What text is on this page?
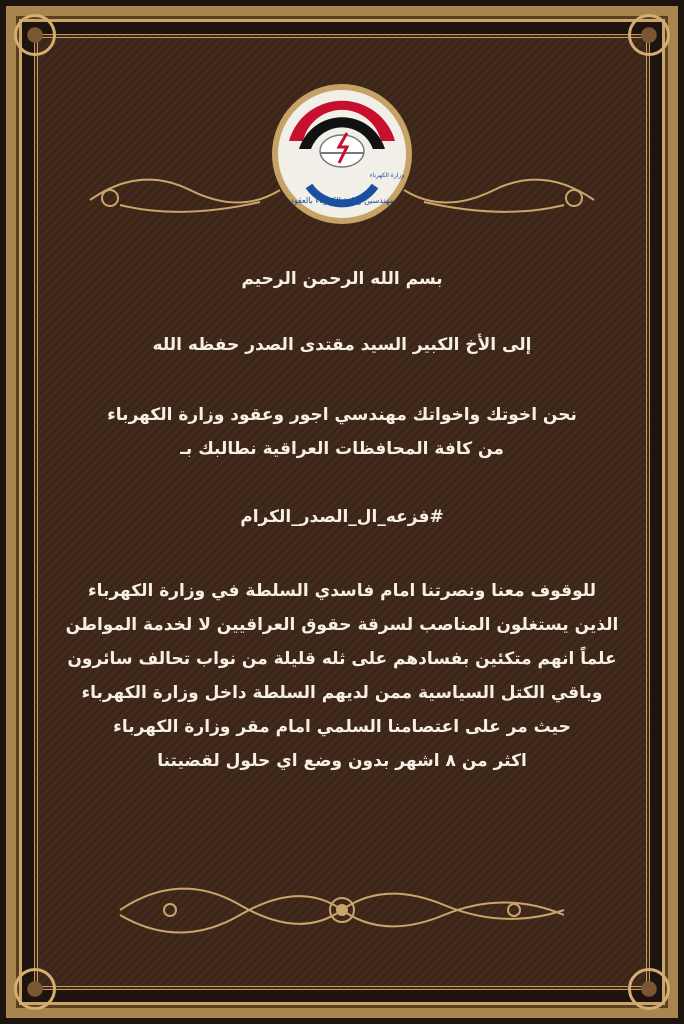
مهندسين وزارة الكهرباء بالعقود
وزارة الكهرباء

بسم الله الرحمن الرحيم

إلى الأخ الكبير السيد مقتدى الصدر حفظه الله

نحن اخوتك واخواتك مهندسي اجور وعقود وزارة الكهرباء

من كافة المحافظات العراقية نطالبك بـ

#فزعه_ال_الصدر_الكرام

للوقوف معنا ونصرتنا امام فاسدي السلطة في وزارة الكهرباء

الذين يستغلون المناصب لسرقة حقوق العراقيين لا لخدمة المواطن

علماً انهم متكئين بفسادهم على ثله قليلة من نواب تحالف سائرون

وباقي الكتل السياسية ممن لديهم السلطة داخل وزارة الكهرباء

حيث مر على اعتصامنا السلمي امام مقر وزارة الكهرباء

اكثر من ٨ اشهر بدون وضع اي حلول لقضيتنا
